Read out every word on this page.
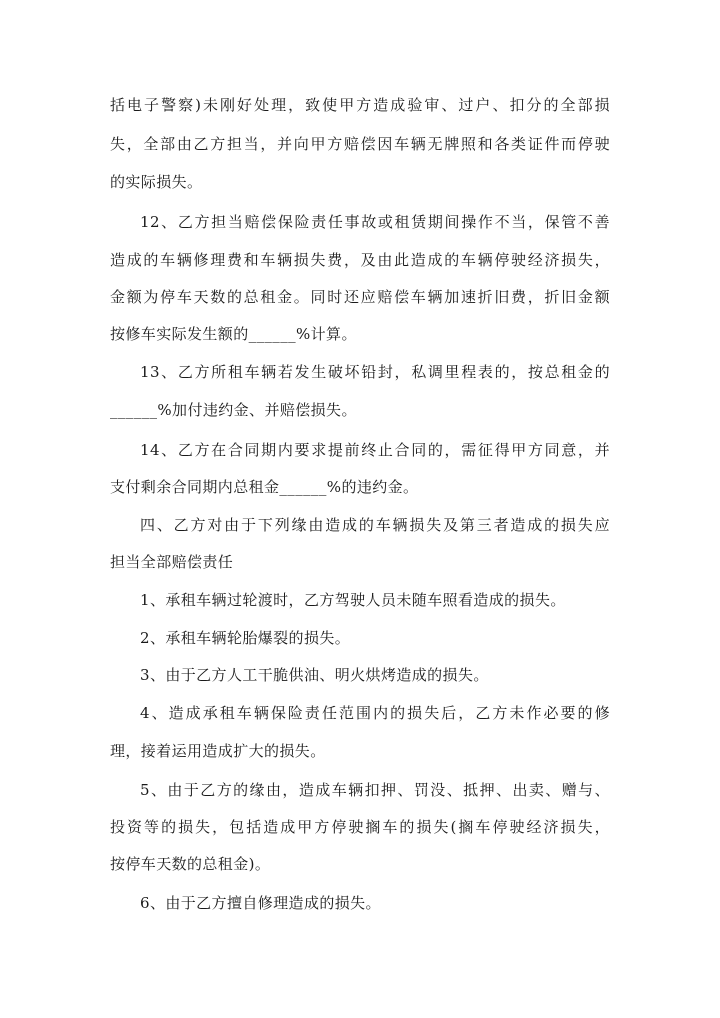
括电子警察)未刚好处理，致使甲方造成验审、过户、扣分的全部损
失，全部由乙方担当，并向甲方赔偿因车辆无牌照和各类证件而停驶
的实际损失。
12、乙方担当赔偿保险责任事故或租赁期间操作不当，保管不善
造成的车辆修理费和车辆损失费，及由此造成的车辆停驶经济损失，
金额为停车天数的总租金。同时还应赔偿车辆加速折旧费，折旧金额
按修车实际发生额的______%计算。
13、乙方所租车辆若发生破坏铅封，私调里程表的，按总租金的
______%加付违约金、并赔偿损失。
14、乙方在合同期内要求提前终止合同的，需征得甲方同意，并
支付剩余合同期内总租金______%的违约金。
四、乙方对由于下列缘由造成的车辆损失及第三者造成的损失应
担当全部赔偿责任
1、承租车辆过轮渡时，乙方驾驶人员未随车照看造成的损失。
2、承租车辆轮胎爆裂的损失。
3、由于乙方人工干脆供油、明火烘烤造成的损失。
4、造成承租车辆保险责任范围内的损失后，乙方未作必要的修
理，接着运用造成扩大的损失。
5、由于乙方的缘由，造成车辆扣押、罚没、抵押、出卖、赠与、
投资等的损失，包括造成甲方停驶搁车的损失(搁车停驶经济损失，
按停车天数的总租金)。
6、由于乙方擅自修理造成的损失。
